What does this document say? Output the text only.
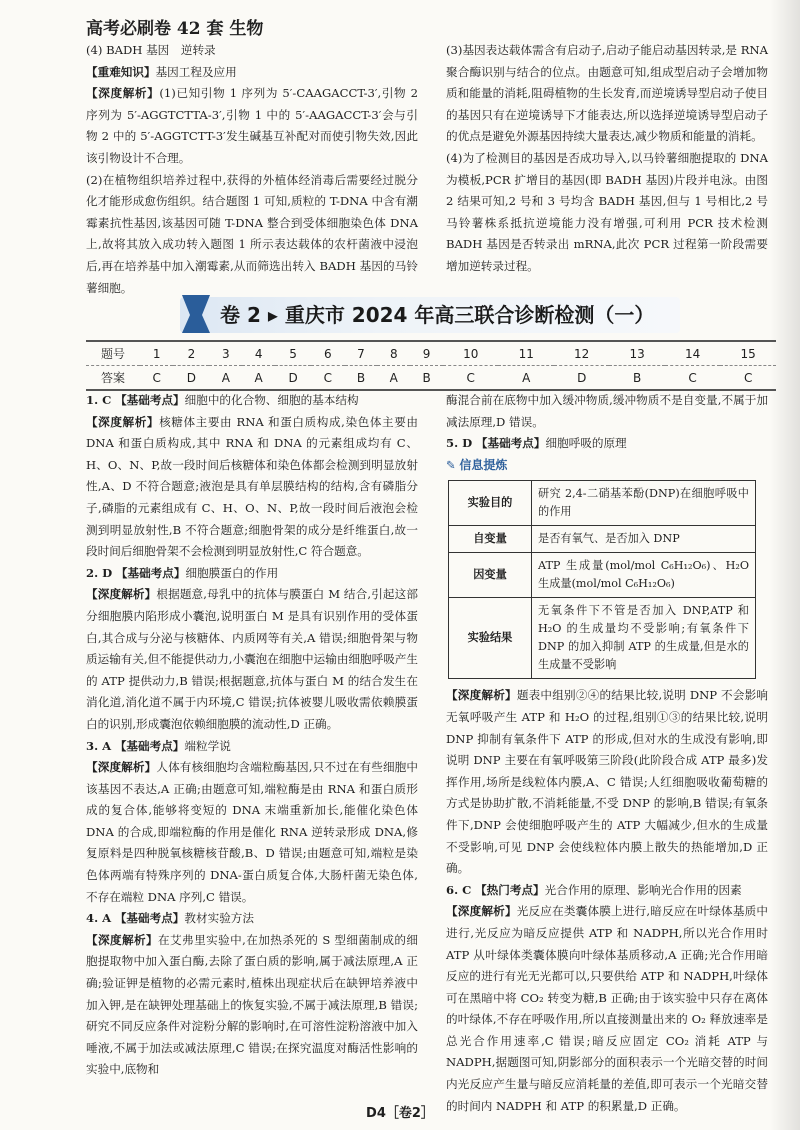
高考必刷卷 42 套 生物

(4) BADH 基因　逆转录

【重难知识】基因工程及应用

【深度解析】(1)已知引物 1 序列为 5′-CAAGACCT-3′,引物 2 序列为 5′-AGGTCTTA-3′,引物 1 中的 5′-AAGACCT-3′会与引物 2 中的 5′-AGGTCTT-3′发生碱基互补配对而使引物失效,因此该引物设计不合理。

(2)在植物组织培养过程中,获得的外植体经消毒后需要经过脱分化才能形成愈伤组织。结合题图 1 可知,质粒的 T-DNA 中含有潮霉素抗性基因,该基因可随 T-DNA 整合到受体细胞染色体 DNA 上,故将其放入成功转入题图 1 所示表达载体的农杆菌液中浸泡后,再在培养基中加入潮霉素,从而筛选出转入 BADH 基因的马铃薯细胞。

(3)基因表达载体需含有启动子,启动子能启动基因转录,是 RNA 聚合酶识别与结合的位点。由题意可知,组成型启动子会增加物质和能量的消耗,阻碍植物的生长发育,而逆境诱导型启动子使目的基因只有在逆境诱导下才能表达,所以选择逆境诱导型启动子的优点是避免外源基因持续大量表达,减少物质和能量的消耗。

(4)为了检测目的基因是否成功导入,以马铃薯细胞提取的 DNA 为模板,PCR 扩增目的基因(即 BADH 基因)片段并电泳。由图 2 结果可知,2 号和 3 号均含 BADH 基因,但与 1 号相比,2 号马铃薯株系抵抗逆境能力没有增强,可利用 PCR 技术检测 BADH 基因是否转录出 mRNA,此次 PCR 过程第一阶段需要增加逆转录过程。

卷 2 ▸ 重庆市 2024 年高三联合诊断检测（一）
题号	1	2	3	4	5	6	7	8	9	10	11	12	13	14	15
答案	C	D	A	A	D	C	B	A	B	C	A	D	B	C	C

1. C 【基础考点】细胞中的化合物、细胞的基本结构

【深度解析】核糖体主要由 RNA 和蛋白质构成,染色体主要由 DNA 和蛋白质构成,其中 RNA 和 DNA 的元素组成均有 C、H、O、N、P,故一段时间后核糖体和染色体都会检测到明显放射性,A、D 不符合题意;液泡是具有单层膜结构的结构,含有磷脂分子,磷脂的元素组成有 C、H、O、N、P,故一段时间后液泡会检测到明显放射性,B 不符合题意;细胞骨架的成分是纤维蛋白,故一段时间后细胞骨架不会检测到明显放射性,C 符合题意。

2. D 【基础考点】细胞膜蛋白的作用

【深度解析】根据题意,母乳中的抗体与膜蛋白 M 结合,引起这部分细胞膜内陷形成小囊泡,说明蛋白 M 是具有识别作用的受体蛋白,其合成与分泌与核糖体、内质网等有关,A 错误;细胞骨架与物质运输有关,但不能提供动力,小囊泡在细胞中运输由细胞呼吸产生的 ATP 提供动力,B 错误;根据题意,抗体与蛋白 M 的结合发生在消化道,消化道不属于内环境,C 错误;抗体被婴儿吸收需依赖膜蛋白的识别,形成囊泡依赖细胞膜的流动性,D 正确。

3. A 【基础考点】端粒学说

【深度解析】人体有核细胞均含端粒酶基因,只不过在有些细胞中该基因不表达,A 正确;由题意可知,端粒酶是由 RNA 和蛋白质形成的复合体,能够将变短的 DNA 末端重新加长,能催化染色体 DNA 的合成,即端粒酶的作用是催化 RNA 逆转录形成 DNA,修复原料是四种脱氧核糖核苷酸,B、D 错误;由题意可知,端粒是染色体两端有特殊序列的 DNA-蛋白质复合体,大肠杆菌无染色体,不存在端粒 DNA 序列,C 错误。

4. A 【基础考点】教材实验方法

【深度解析】在艾弗里实验中,在加热杀死的 S 型细菌制成的细胞提取物中加入蛋白酶,去除了蛋白质的影响,属于减法原理,A 正确;验证钾是植物的必需元素时,植株出现症状后在缺钾培养液中加入钾,是在缺钾处理基础上的恢复实验,不属于减法原理,B 错误;研究不同反应条件对淀粉分解的影响时,在可溶性淀粉溶液中加入唾液,不属于加法或减法原理,C 错误;在探究温度对酶活性影响的实验中,底物和

酶混合前在底物中加入缓冲物质,缓冲物质不是自变量,不属于加减法原理,D 错误。

5. D 【基础考点】细胞呼吸的原理

✎ 信息提炼
实验目的	研究 2,4-二硝基苯酚(DNP)在细胞呼吸中的作用
自变量	是否有氧气、是否加入 DNP
因变量	ATP 生成量(mol/mol C₆H₁₂O₆)、H₂O 生成量(mol/mol C₆H₁₂O₆)
实验结果	无氧条件下不管是否加入 DNP,ATP 和 H₂O 的生成量均不受影响;有氧条件下 DNP 的加入抑制 ATP 的生成量,但是水的生成量不受影响

【深度解析】题表中组别②④的结果比较,说明 DNP 不会影响无氧呼吸产生 ATP 和 H₂O 的过程,组别①③的结果比较,说明 DNP 抑制有氧条件下 ATP 的形成,但对水的生成没有影响,即说明 DNP 主要在有氧呼吸第三阶段(此阶段合成 ATP 最多)发挥作用,场所是线粒体内膜,A、C 错误;人红细胞吸收葡萄糖的方式是协助扩散,不消耗能量,不受 DNP 的影响,B 错误;有氧条件下,DNP 会使细胞呼吸产生的 ATP 大幅减少,但水的生成量不受影响,可见 DNP 会使线粒体内膜上散失的热能增加,D 正确。

6. C 【热门考点】光合作用的原理、影响光合作用的因素

【深度解析】光反应在类囊体膜上进行,暗反应在叶绿体基质中进行,光反应为暗反应提供 ATP 和 NADPH,所以光合作用时 ATP 从叶绿体类囊体膜向叶绿体基质移动,A 正确;光合作用暗反应的进行有光无光都可以,只要供给 ATP 和 NADPH,叶绿体可在黑暗中将 CO₂ 转变为糖,B 正确;由于该实验中只存在离体的叶绿体,不存在呼吸作用,所以直接测量出来的 O₂ 释放速率是总光合作用速率,C 错误;暗反应固定 CO₂ 消耗 ATP 与 NADPH,据题图可知,阴影部分的面积表示一个光暗交替的时间内光反应产生量与暗反应消耗量的差值,即可表示一个光暗交替的时间内 NADPH 和 ATP 的积累量,D 正确。

D4［卷2］
